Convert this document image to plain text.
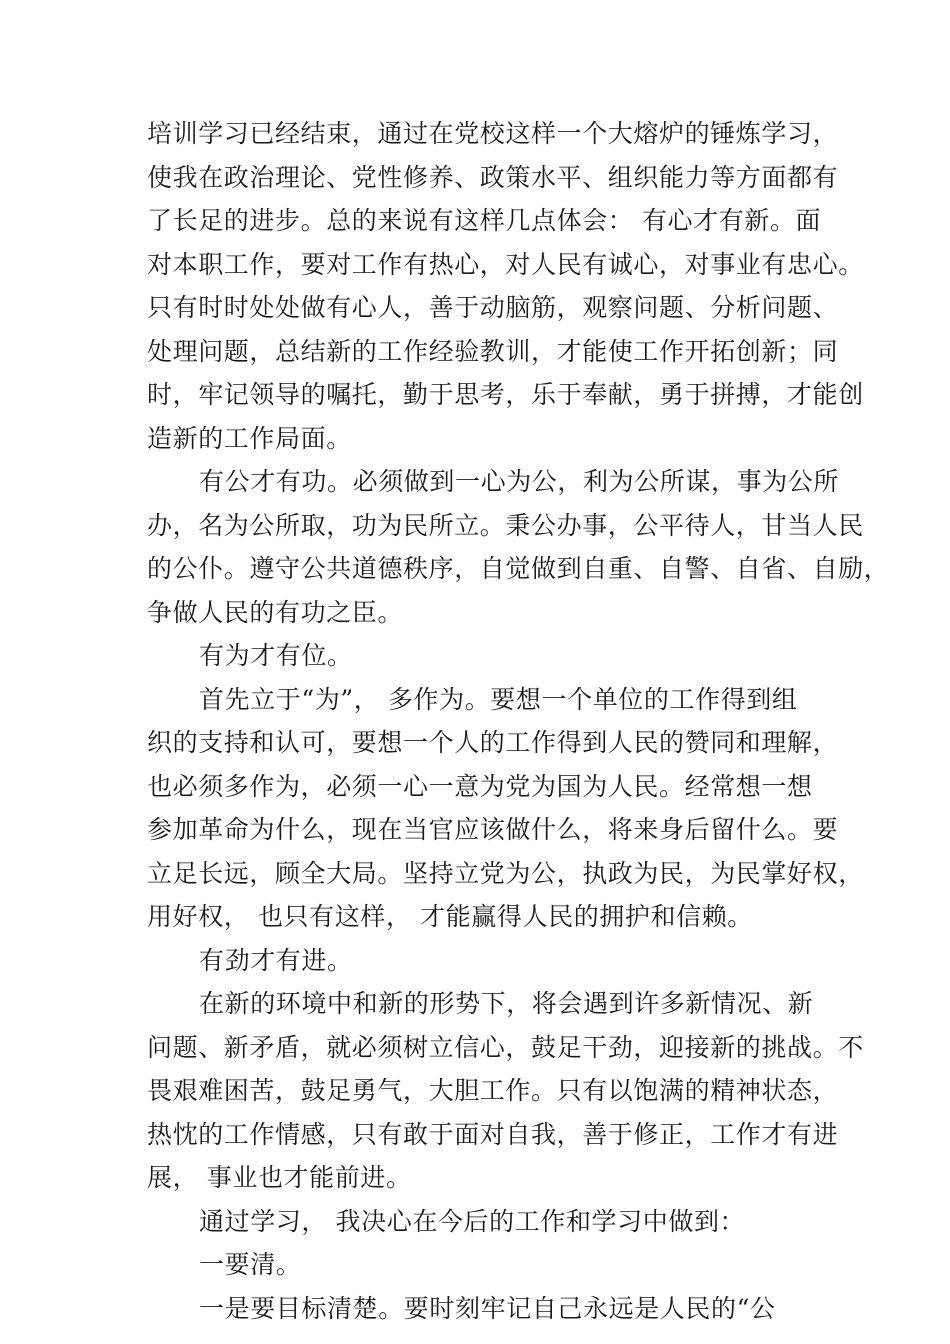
培训学习已经结束，通过在党校这样一个大熔炉的锤炼学习，
使我在政治理论、党性修养、政策水平、组织能力等方面都有
了长足的进步。总的来说有这样几点体会： 有心才有新。面
对本职工作，要对工作有热心，对人民有诚心，对事业有忠心。
只有时时处处做有心人，善于动脑筋，观察问题、分析问题、
处理问题，总结新的工作经验教训，才能使工作开拓创新；同
时，牢记领导的嘱托，勤于思考，乐于奉献，勇于拼搏，才能创
造新的工作局面。
有公才有功。必须做到一心为公，利为公所谋，事为公所
办，名为公所取，功为民所立。秉公办事，公平待人，甘当人民
的公仆。遵守公共道德秩序，自觉做到自重、自警、自省、自励，
争做人民的有功之臣。
有为才有位。
首先立于“为”， 多作为。要想一个单位的工作得到组
织的支持和认可，要想一个人的工作得到人民的赞同和理解，
也必须多作为，必须一心一意为党为国为人民。经常想一想
参加革命为什么，现在当官应该做什么，将来身后留什么。要
立足长远，顾全大局。坚持立党为公，执政为民，为民掌好权，
用好权， 也只有这样， 才能赢得人民的拥护和信赖。
有劲才有进。
在新的环境中和新的形势下，将会遇到许多新情况、新
问题、新矛盾，就必须树立信心，鼓足干劲，迎接新的挑战。不
畏艰难困苦，鼓足勇气，大胆工作。只有以饱满的精神状态，
热忱的工作情感，只有敢于面对自我，善于修正，工作才有进
展， 事业也才能前进。
通过学习， 我决心在今后的工作和学习中做到：
一要清。
一是要目标清楚。要时刻牢记自己永远是人民的“公
